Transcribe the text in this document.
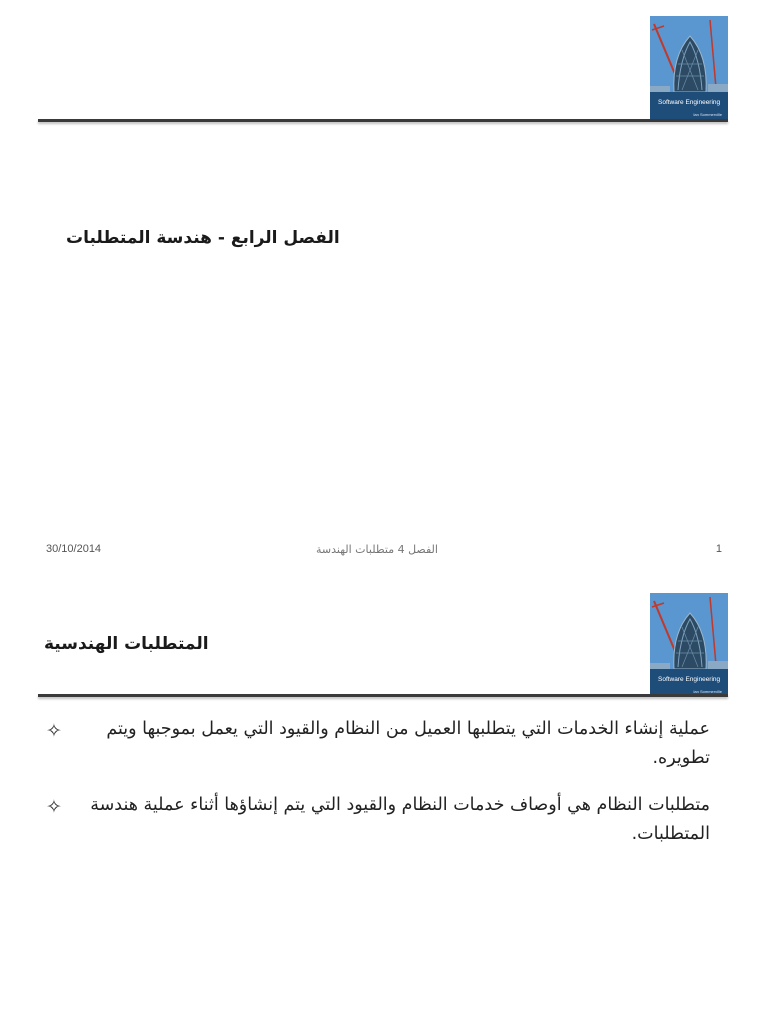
Software Engineering
Ian Sommerville
الفصل الرابع - هندسة المتطلبات
30/10/2014	الفصل 4 متطلبات الهندسة	1
المتطلبات الهندسية
Software Engineering
Ian Sommerville
✧	عملية إنشاء الخدمات التي يتطلبها العميل من النظام والقيود التي يعمل بموجبها ويتم تطويره.
✧ متطلبات النظام هي أوصاف خدمات النظام والقيود التي يتم إنشاؤها أثناء عملية هندسة المتطلبات.
